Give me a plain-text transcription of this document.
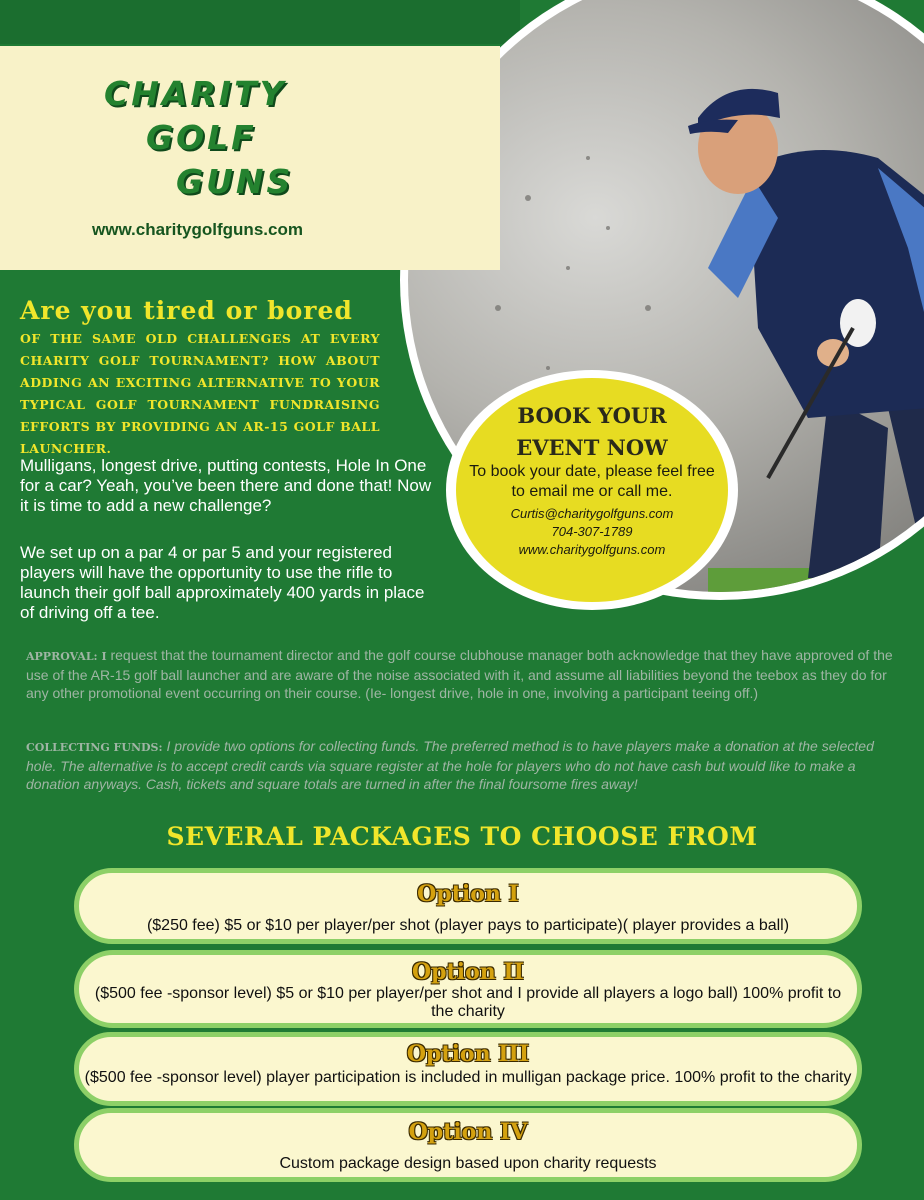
CHARITY
GOLF
GUNS
www.charitygolfguns.com
Are you tired or bored
OF THE SAME OLD CHALLENGES AT EVERY CHARITY GOLF TOURNAMENT? HOW ABOUT ADDING AN EXCITING ALTERNATIVE TO YOUR TYPICAL GOLF TOURNAMENT FUNDRAISING EFFORTS BY PROVIDING AN AR-15 GOLF BALL LAUNCHER.
Mulligans, longest drive, putting contests, Hole In One for a car? Yeah, you’ve been there and done that! Now it is time to add a new challenge?
We set up on a par 4 or par 5 and your registered players will have the opportunity to use the rifle to launch their golf ball approximately 400 yards in place of driving off a tee.
BOOK YOUR EVENT NOW
To book your date, please feel free to email me or call me.
Curtis@charitygolfguns.com
704-307-1789
www.charitygolfguns.com
APPROVAL: I request that the tournament director and the golf course clubhouse manager both acknowledge that they have approved of the use of the AR-15 golf ball launcher and are aware of the noise associated with it, and assume all liabilities beyond the teebox as they do for any other promotional event occurring on their course. (Ie- longest drive, hole in one, involving a participant teeing off.)
COLLECTING FUNDS: I provide two options for collecting funds. The preferred method is to have players make a donation at the selected hole. The alternative is to accept credit cards via square register at the hole for players who do not have cash but would like to make a donation anyways. Cash, tickets and square totals are turned in after the final foursome fires away!
SEVERAL PACKAGES TO CHOOSE FROM
Option I
($250 fee) $5 or $10 per player/per shot (player pays to participate)( player provides a ball)
Option II
($500 fee -sponsor level) $5 or $10 per player/per shot and I provide all players a logo ball) 100% profit to the charity
Option III
($500 fee -sponsor level) player participation is included in mulligan package price. 100% profit to the charity
Option IV
Custom package design based upon charity requests
